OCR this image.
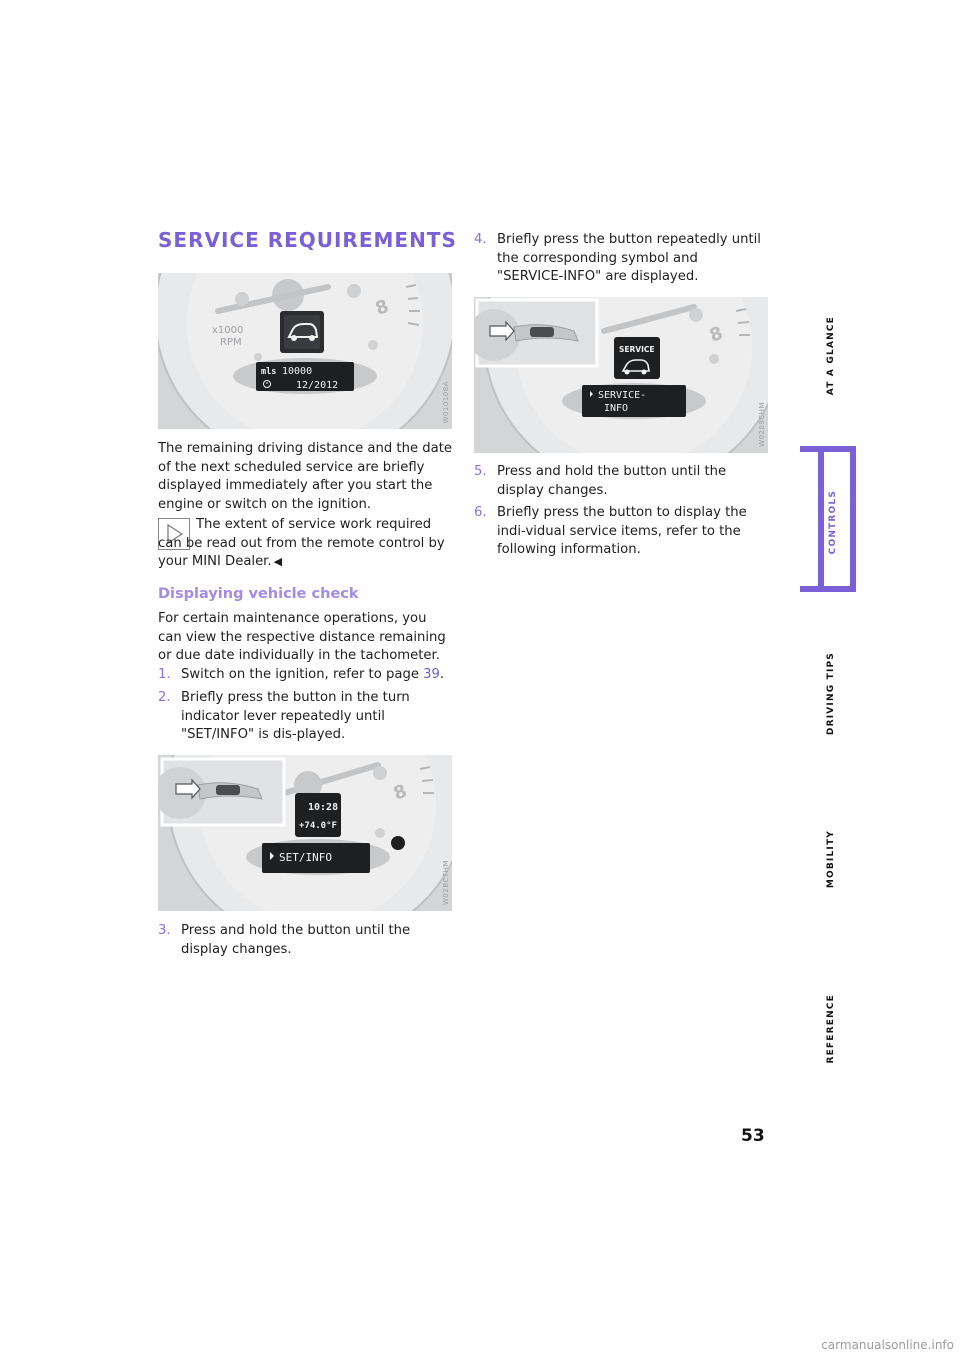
SERVICE REQUIREMENTS
8
x1000
RPM
mls 10000
12/2012	W010108A
The remaining driving distance and the date of the next scheduled service are briefly displayed immediately after you start the engine or switch on the ignition.
The extent of service work required can be read out from the remote control by your MINI Dealer. ◀
Displaying vehicle check
For certain maintenance operations, you can view the respective distance remaining or due date individually in the tachometer.
1. Switch on the ignition, refer to page 39.
2. Briefly press the button in the turn indicator lever repeatedly until "SET/INFO" is dis-played.
8
10:28
+74.0°F
SET/INFO
W02BCTHM
3. Press and hold the button until the display changes.
4. Briefly press the button repeatedly until the corresponding symbol and "SERVICE-INFO" are displayed.
8
SERVICE
SERVICE-
INFO	W0209CHM
5. Press and hold the button until the display changes.
6. Briefly press the button to display the indi-vidual service items, refer to the following information.
AT A GLANCE
CONTROLS
DRIVING TIPS
MOBILITY
REFERENCE
53
carmanualsonline.info
